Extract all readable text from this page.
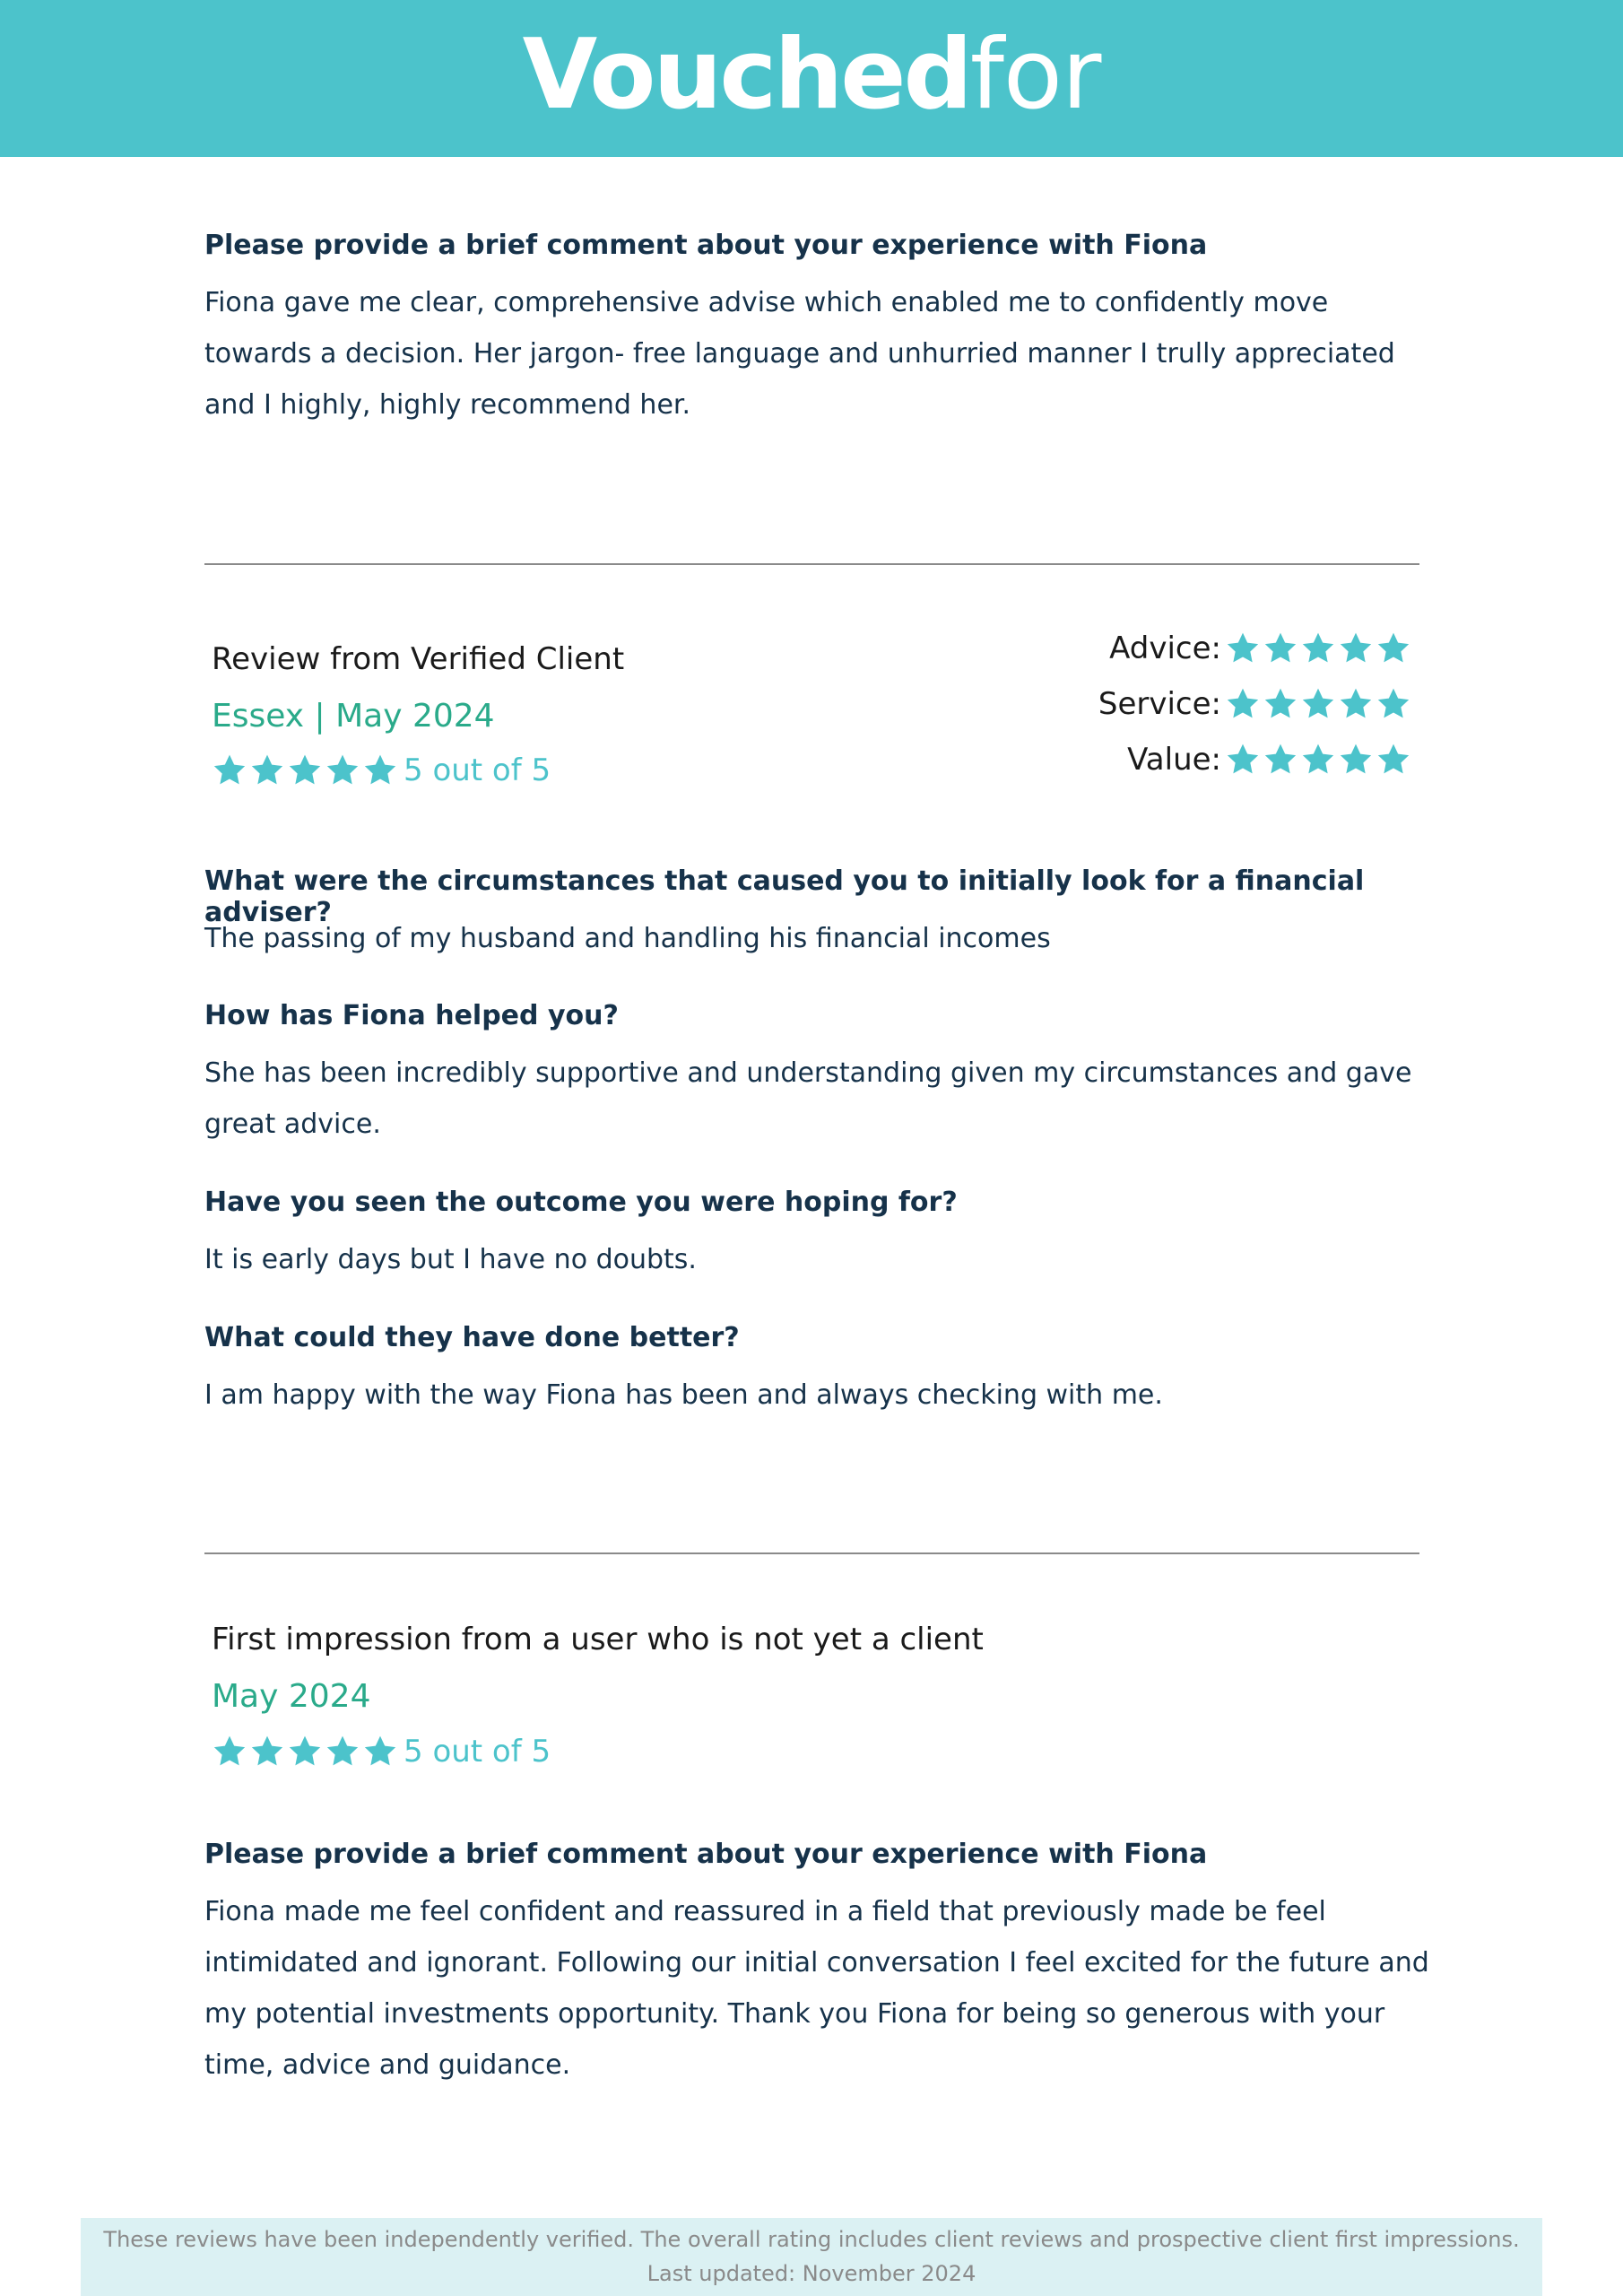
Vouchedfor
Please provide a brief comment about your experience with Fiona
Fiona gave me clear, comprehensive advise which enabled me to confidently move towards a decision. Her jargon- free language and unhurried manner I trully appreciated and I highly, highly recommend her.
Review from Verified Client
Essex | May 2024
5 out of 5
Advice:
Service:
Value:
What were the circumstances that caused you to initially look for a financial adviser?
The passing of my husband and handling his financial incomes
How has Fiona helped you?
She has been incredibly supportive and understanding given my circumstances and gave great advice.
Have you seen the outcome you were hoping for?
It is early days but I have no doubts.
What could they have done better?
I am happy with the way Fiona has been and always checking with me.
First impression from a user who is not yet a client
May 2024
5 out of 5
Please provide a brief comment about your experience with Fiona
Fiona made me feel confident and reassured in a field that previously made be feel intimidated and ignorant. Following our initial conversation I feel excited for the future and my potential investments opportunity. Thank you Fiona for being so generous with your time, advice and guidance.
These reviews have been independently verified. The overall rating includes client reviews and prospective client first impressions. Last updated: November 2024
